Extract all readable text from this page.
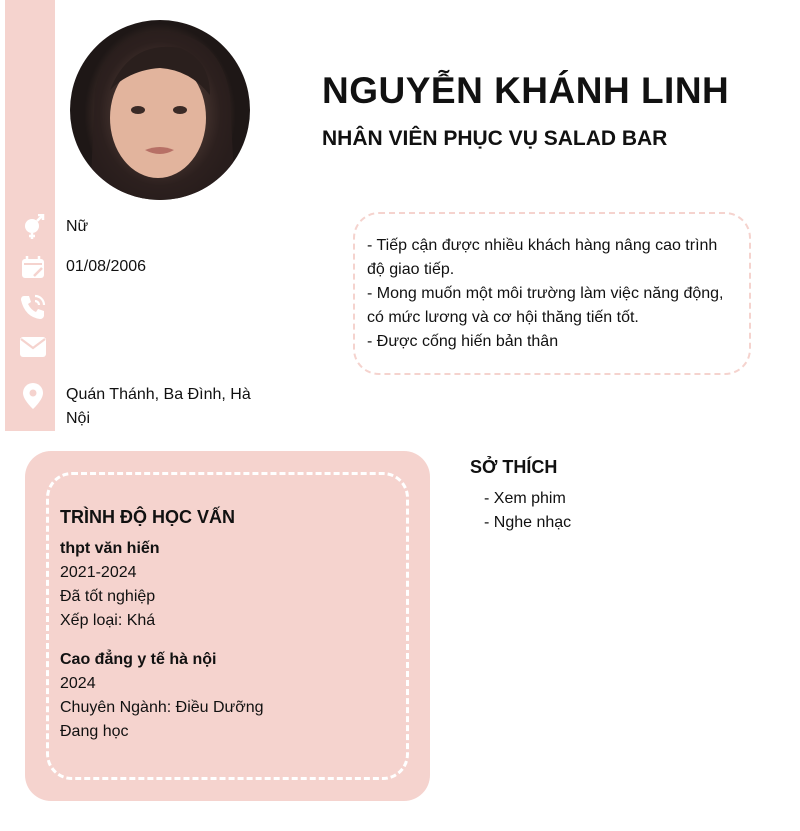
NGUYỄN KHÁNH LINH
NHÂN VIÊN PHỤC VỤ SALAD BAR
Nữ
01/08/2006
Quán Thánh, Ba Đình, Hà Nội
- Tiếp cận được nhiều khách hàng nâng cao trình độ giao tiếp.
- Mong muốn một môi trường làm việc năng động, có mức lương và cơ hội thăng tiến tốt.
- Được cống hiến bản thân
TRÌNH ĐỘ HỌC VẤN
thpt văn hiến
2021-2024
Đã tốt nghiệp
Xếp loại: Khá
Cao đẳng y tế hà nội
2024
Chuyên Ngành: Điều Dưỡng
Đang học
SỞ THÍCH
- Xem phim
- Nghe nhạc
